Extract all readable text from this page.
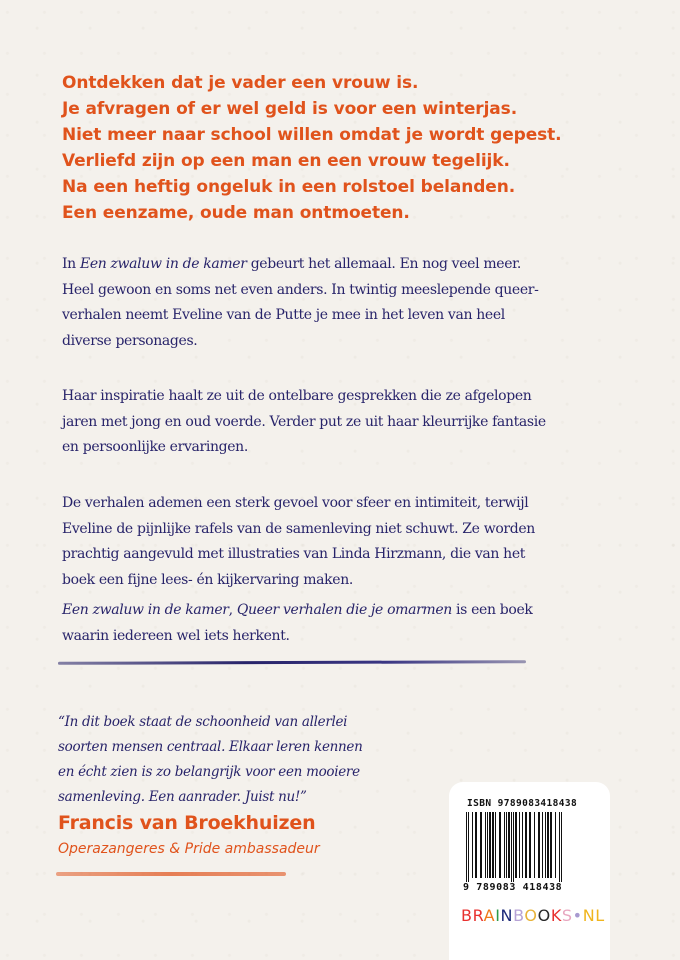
Ontdekken dat je vader een vrouw is.
Je afvragen of er wel geld is voor een winterjas.
Niet meer naar school willen omdat je wordt gepest.
Verliefd zijn op een man en een vrouw tegelijk.
Na een heftig ongeluk in een rolstoel belanden.
Een eenzame, oude man ontmoeten.

In Een zwaluw in de kamer gebeurt het allemaal. En nog veel meer.

Heel gewoon en soms net even anders. In twintig meeslepende queer-

verhalen neemt Eveline van de Putte je mee in het leven van heel

diverse personages.

Haar inspiratie haalt ze uit de ontelbare gesprekken die ze afgelopen

jaren met jong en oud voerde. Verder put ze uit haar kleurrijke fantasie

en persoonlijke ervaringen.

De verhalen ademen een sterk gevoel voor sfeer en intimiteit, terwijl

Eveline de pijnlijke rafels van de samenleving niet schuwt. Ze worden

prachtig aangevuld met illustraties van Linda Hirzmann, die van het

boek een fijne lees- én kijkervaring maken.

Een zwaluw in de kamer, Queer verhalen die je omarmen is een boek

waarin iedereen wel iets herkent.

“In dit boek staat de schoonheid van allerlei
soorten mensen centraal. Elkaar leren kennen
en écht zien is zo belangrijk voor een mooiere
samenleving. Een aanrader. Juist nu!”
Francis van Broekhuizen
Operazangeres & Pride ambassadeur
ISBN 9789083418438
9 789083 418438
BRAINBOOKS•NL
